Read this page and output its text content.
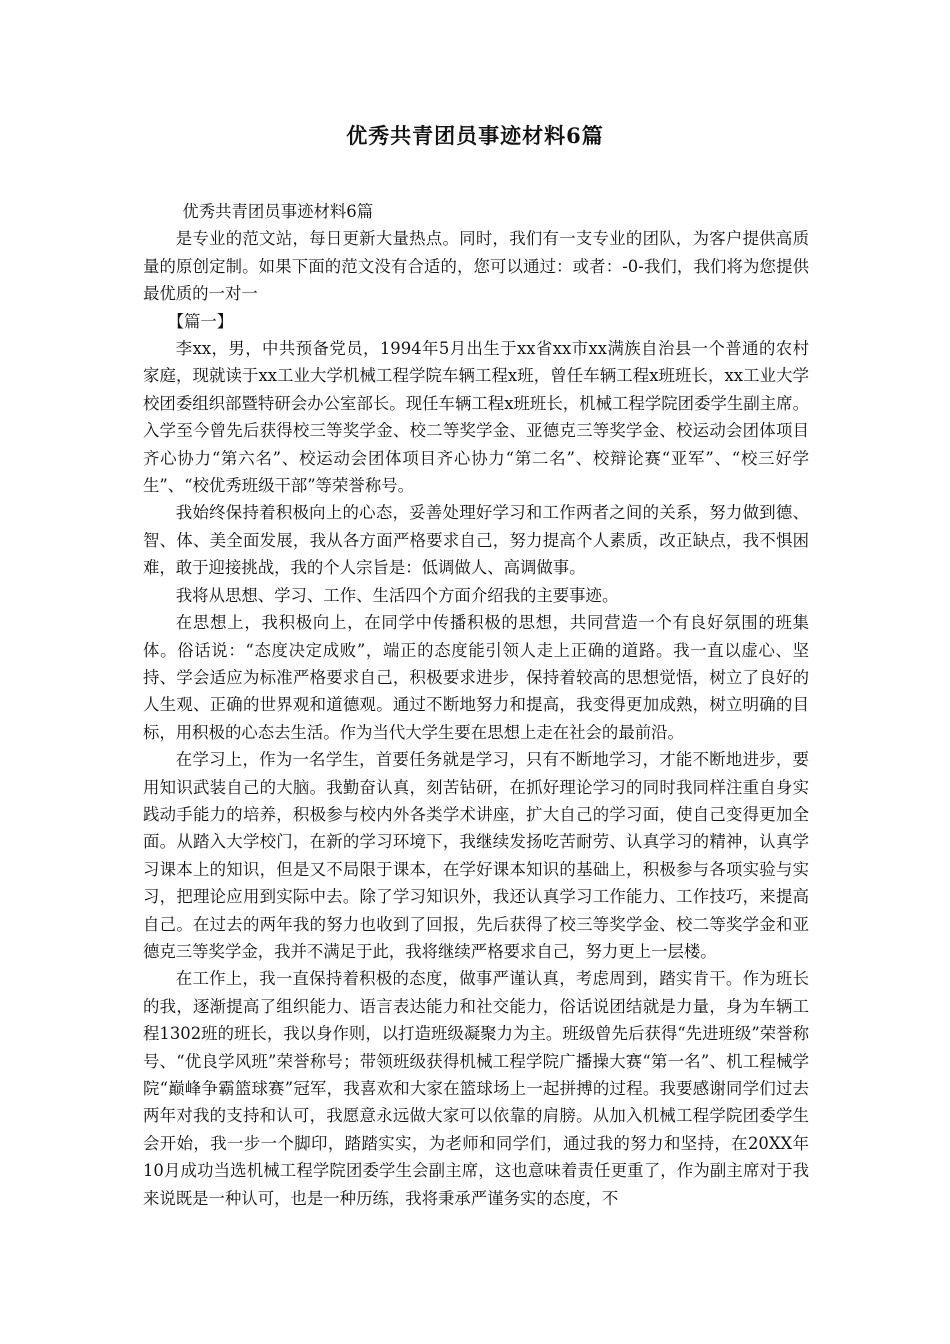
优秀共青团员事迹材料6篇

优秀共青团员事迹材料6篇

是专业的范文站，每日更新大量热点。同时，我们有一支专业的团队，为客户提供高质量的原创定制。如果下面的范文没有合适的，您可以通过：或者：-0-我们，我们将为您提供最优质的一对一

【篇一】

李xx，男，中共预备党员，1994年5月出生于xx省xx市xx满族自治县一个普通的农村家庭，现就读于xx工业大学机械工程学院车辆工程x班，曾任车辆工程x班班长，xx工业大学校团委组织部暨特研会办公室部长。现任车辆工程x班班长，机械工程学院团委学生副主席。入学至今曾先后获得校三等奖学金、校二等奖学金、亚德克三等奖学金、校运动会团体项目齐心协力“第六名”、校运动会团体项目齐心协力“第二名”、校辩论赛“亚军”、“校三好学生”、“校优秀班级干部”等荣誉称号。

我始终保持着积极向上的心态，妥善处理好学习和工作两者之间的关系，努力做到德、智、体、美全面发展，我从各方面严格要求自己，努力提高个人素质，改正缺点，我不惧困难，敢于迎接挑战，我的个人宗旨是：低调做人、高调做事。

我将从思想、学习、工作、生活四个方面介绍我的主要事迹。

在思想上，我积极向上，在同学中传播积极的思想，共同营造一个有良好氛围的班集体。俗话说：“态度决定成败”，端正的态度能引领人走上正确的道路。我一直以虚心、坚持、学会适应为标准严格要求自己，积极要求进步，保持着较高的思想觉悟，树立了良好的人生观、正确的世界观和道德观。通过不断地努力和提高，我变得更加成熟，树立明确的目标，用积极的心态去生活。作为当代大学生要在思想上走在社会的最前沿。

在学习上，作为一名学生，首要任务就是学习，只有不断地学习，才能不断地进步，要用知识武装自己的大脑。我勤奋认真，刻苦钻研，在抓好理论学习的同时我同样注重自身实践动手能力的培养，积极参与校内外各类学术讲座，扩大自己的学习面，使自己变得更加全面。从踏入大学校门，在新的学习环境下，我继续发扬吃苦耐劳、认真学习的精神，认真学习课本上的知识，但是又不局限于课本，在学好课本知识的基础上，积极参与各项实验与实习，把理论应用到实际中去。除了学习知识外，我还认真学习工作能力、工作技巧，来提高自己。在过去的两年我的努力也收到了回报，先后获得了校三等奖学金、校二等奖学金和亚德克三等奖学金，我并不满足于此，我将继续严格要求自己，努力更上一层楼。

在工作上，我一直保持着积极的态度，做事严谨认真，考虑周到，踏实肯干。作为班长的我，逐渐提高了组织能力、语言表达能力和社交能力，俗话说团结就是力量，身为车辆工程1302班的班长，我以身作则，以打造班级凝聚力为主。班级曾先后获得“先进班级”荣誉称号、“优良学风班”荣誉称号；带领班级获得机械工程学院广播操大赛“第一名”、机工程械学院“巅峰争霸篮球赛”冠军，我喜欢和大家在篮球场上一起拼搏的过程。我要感谢同学们过去两年对我的支持和认可，我愿意永远做大家可以依靠的肩膀。从加入机械工程学院团委学生会开始，我一步一个脚印，踏踏实实，为老师和同学们，通过我的努力和坚持，在20XX年10月成功当选机械工程学院团委学生会副主席，这也意味着责任更重了，作为副主席对于我来说既是一种认可，也是一种历练，我将秉承严谨务实的态度，不
